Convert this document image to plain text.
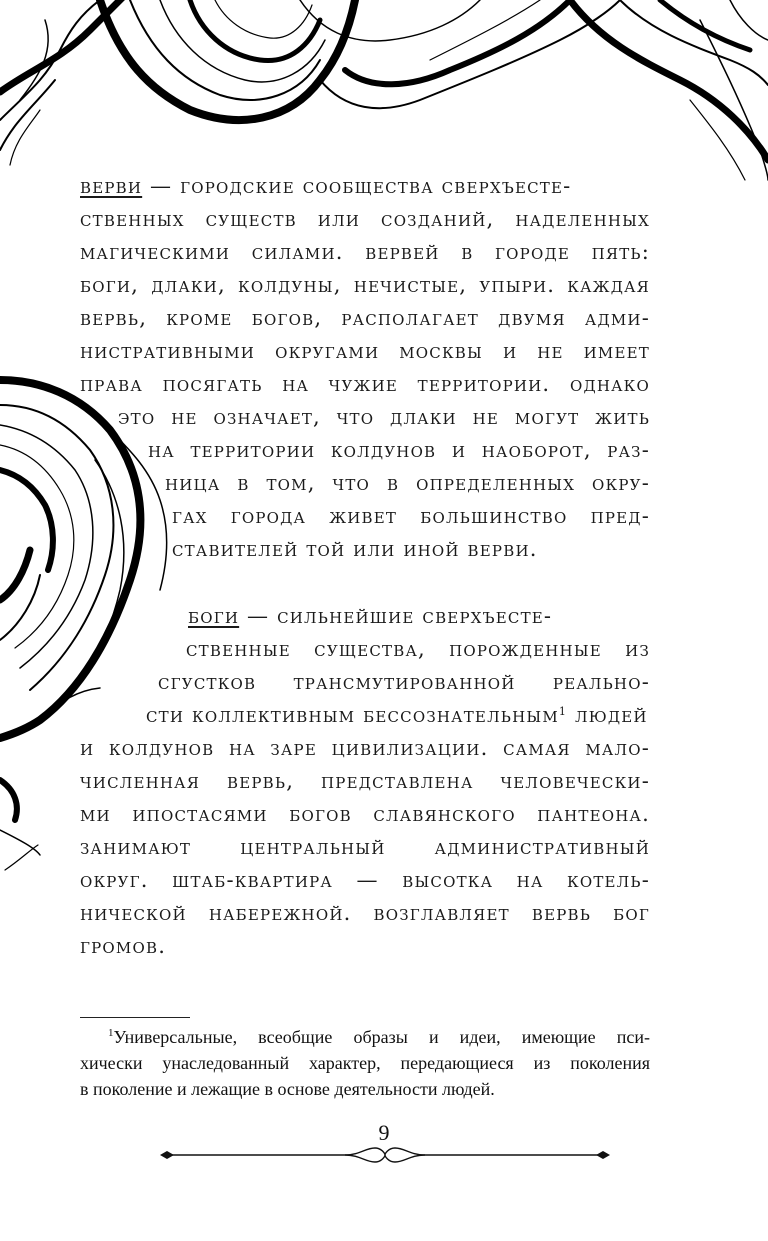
верви — городские сообщества сверхъесте-
ственных существ или созданий, наделенных
магическими силами. вервей в городе пять:
боги, длаки, колдуны, нечистые, упыри. каждая
вервь, кроме богов, располагает двумя адми-
нистративными округами москвы и не имеет
права посягать на чужие территории. однако
это не означает, что длаки не могут жить
на территории колдунов и наоборот, раз-
ница в том, что в определенных окру-
гах города живет большинство пред-
ставителей той или иной верви.
боги — сильнейшие сверхъесте-
ственные существа, порожденные из
сгустков трансмутированной реально-
сти коллективным бессознательным$^1$ людей
и колдунов на заре цивилизации. самая мало-
численная вервь, представлена человечески-
ми ипостасями богов славянского пантеона.
занимают центральный административный
округ. штаб-квартира — высотка на котель-
нической набережной. возглавляет вервь бог
громов.
$^1$Универсальные, всеобщие образы и идеи, имеющие пси-
хически унаследованный характер, передающиеся из поколения
в поколение и лежащие в основе деятельности людей.
9
